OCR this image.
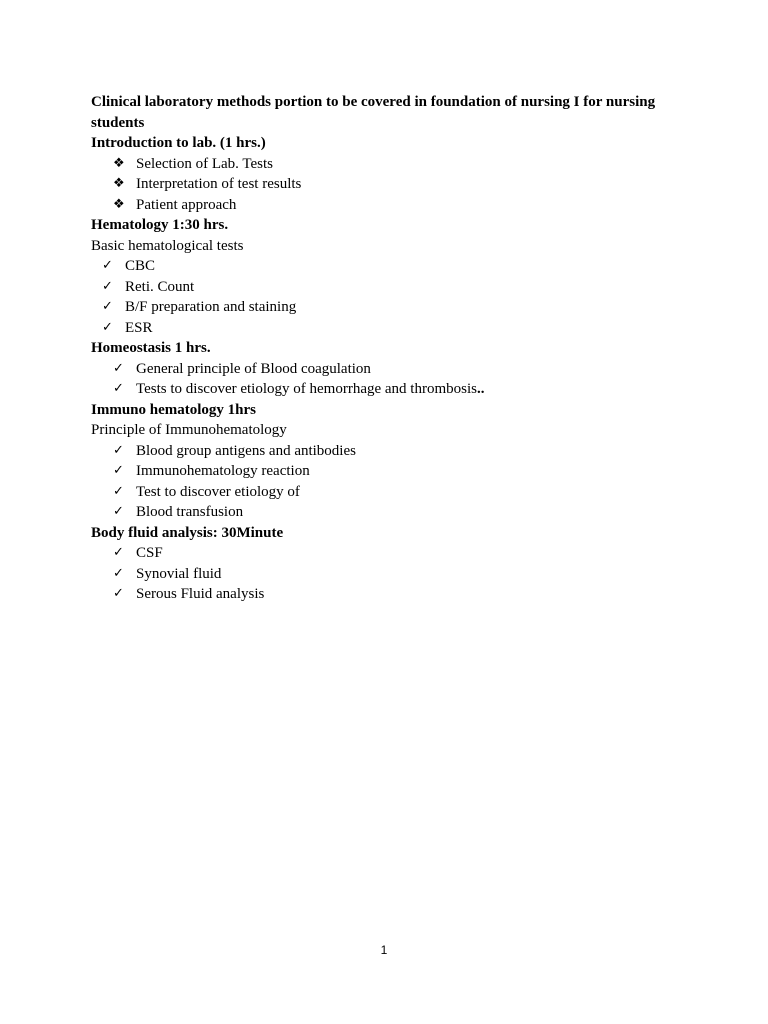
Clinical laboratory methods portion to be covered in foundation of nursing I for nursing students
Introduction to lab. (1 hrs.)
❖ Selection of Lab. Tests
❖ Interpretation of test results
❖ Patient approach
Hematology 1:30 hrs.
Basic hematological tests
✓ CBC
✓ Reti. Count
✓ B/F preparation and staining
✓ ESR
Homeostasis 1 hrs.
✓ General principle of Blood coagulation
✓ Tests to discover etiology of hemorrhage and thrombosis..
Immuno hematology 1hrs
Principle of Immunohematology
✓ Blood group antigens and antibodies
✓ Immunohematology reaction
✓ Test to discover etiology of
✓ Blood transfusion
Body fluid analysis: 30Minute
✓ CSF
✓ Synovial fluid
✓ Serous Fluid analysis
1
